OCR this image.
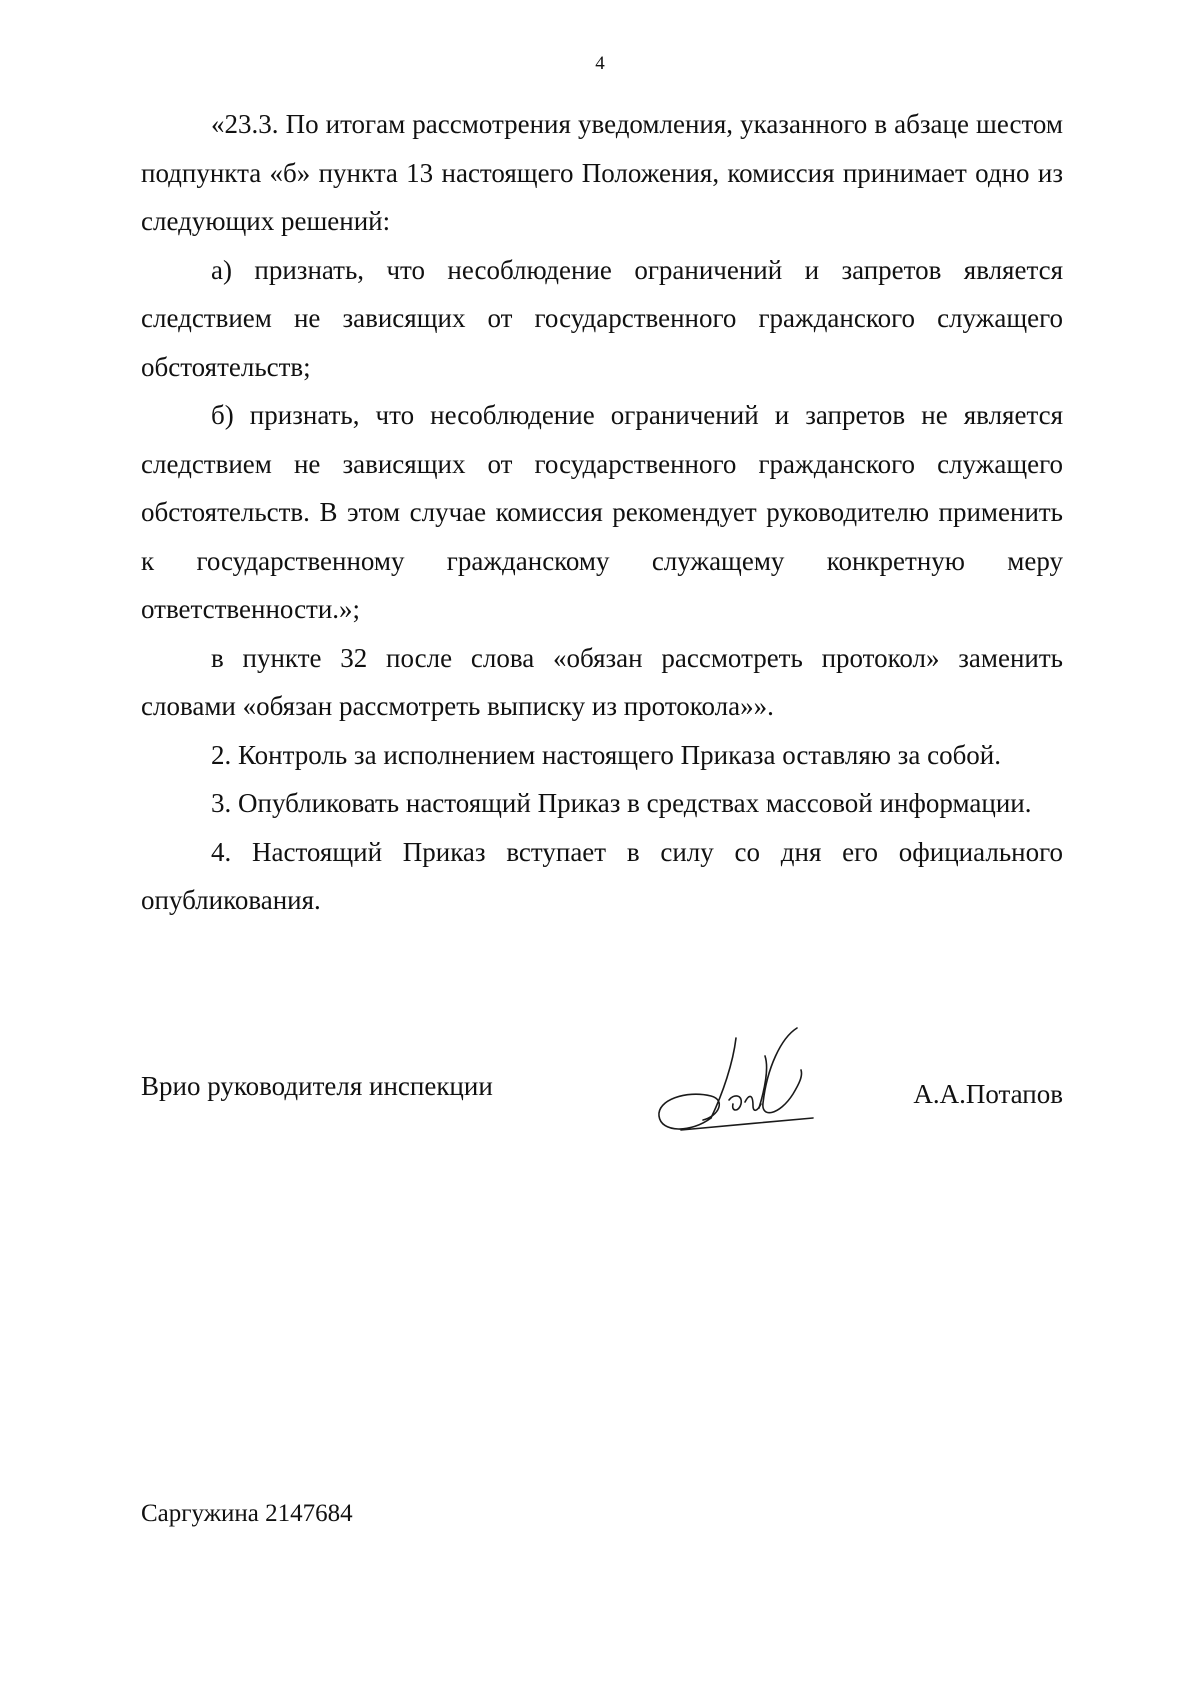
4

«23.3. По итогам рассмотрения уведомления, указанного в абзаце шестом подпункта «б» пункта 13 настоящего Положения, комиссия принимает одно из следующих решений:

а) признать, что несоблюдение ограничений и запретов является следствием не зависящих от государственного гражданского служащего обстоятельств;

б) признать, что несоблюдение ограничений и запретов не является следствием не зависящих от государственного гражданского служащего обстоятельств. В этом случае комиссия рекомендует руководителю применить к государственному гражданскому служащему конкретную меру ответственности.»;

в пункте 32 после слова «обязан рассмотреть протокол» заменить словами «обязан рассмотреть выписку из протокола»».

2. Контроль за исполнением настоящего Приказа оставляю за собой.

3. Опубликовать настоящий Приказ в средствах массовой информации.

4. Настоящий Приказ вступает в силу со дня его официального опубликования.

Врио руководителя инспекции	А.А.Потапов
Саргужина 2147684
